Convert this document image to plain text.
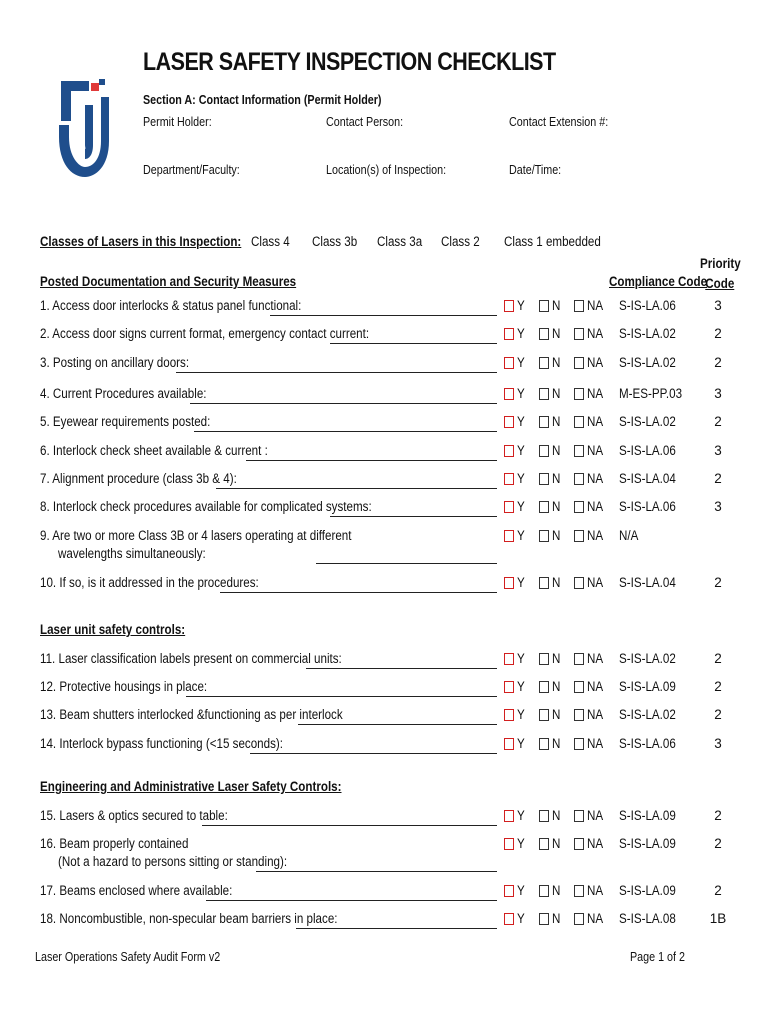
LASER SAFETY INSPECTION CHECKLIST
Section A: Contact Information (Permit Holder)
Permit Holder:	Contact Person:	Contact Extension #:
Department/Faculty:	Location(s) of Inspection:	Date/Time:
Classes of Lasers in this Inspection: Class 4 Class 3b Class 3a Class 2 Class 1 embedded
Priority
Code
Compliance Code
Posted Documentation and Security Measures
1. Access door interlocks & status panel functional:	Y N NA S-IS-LA.06	3
2. Access door signs current format, emergency contact current:	Y N NA S-IS-LA.02	2
3. Posting on ancillary doors:	Y N NA S-IS-LA.02	2
4. Current Procedures available:	Y N NA M-ES-PP.03	3
5. Eyewear requirements posted:	Y N NA S-IS-LA.02	2
6. Interlock check sheet available & current :	Y N NA S-IS-LA.06	3
7. Alignment procedure (class 3b & 4):	Y N NA S-IS-LA.04	2
8. Interlock check procedures available for complicated systems:	Y N NA S-IS-LA.06	3
9. Are two or more Class 3B or 4 lasers operating at different
wavelengths simultaneously:
Y N NA N/A
10. If so, is it addressed in the procedures:	Y N NA S-IS-LA.04	2
Laser unit safety controls:
11. Laser classification labels present on commercial units:	Y N NA S-IS-LA.02	2
12. Protective housings in place:	Y N NA S-IS-LA.09	2
13. Beam shutters interlocked &functioning as per interlock	Y N NA S-IS-LA.02	2
14. Interlock bypass functioning (<15 seconds):	Y N NA S-IS-LA.06	3
Engineering and Administrative Laser Safety Controls:
15. Lasers & optics secured to table:	Y N NA S-IS-LA.09	2
16. Beam properly contained
(Not a hazard to persons sitting or standing):
Y N NA S-IS-LA.09	2
17. Beams enclosed where available:	Y N NA S-IS-LA.09	2
18. Noncombustible, non-specular beam barriers in place:	Y N NA S-IS-LA.08	1B
Laser Operations Safety Audit Form v2	Page 1 of 2
